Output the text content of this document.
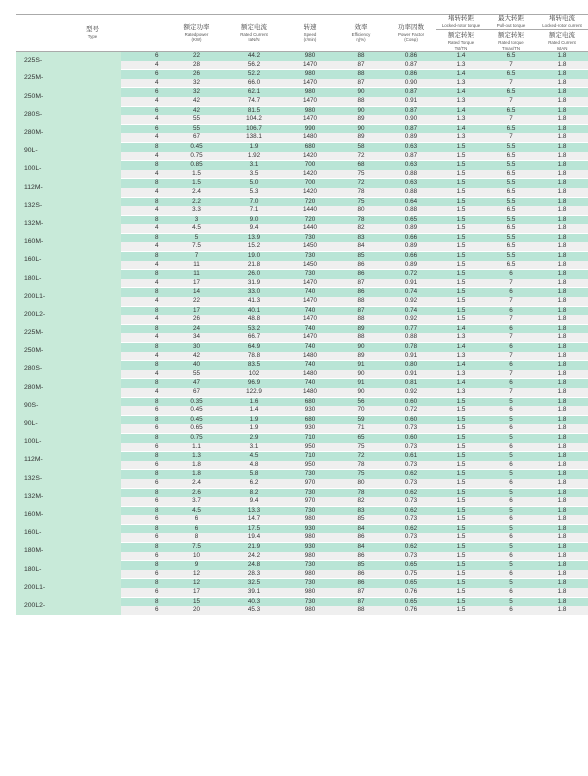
型号
Type		额定功率
Ratedpower
(KW)	额定电流
Rated Current
IaN/N	转速
Speed
(r/min)	效率
Efficiency
η(%)	功率因数
Power Factor
(Cosφ)	堵转转距
Locked-rotor torque
额定转矩
Rated Torque
Tst/TN	最大转距
Pull-out torque
额定转矩
Rated torque
Tmax/TN	堵转电流
Locked-rotor current
额定电流
Rated Current
IstAN

225S-	6	22	44.2	980	88	0.86	1.4	6.5	1.8
	4	28	56.2	1470	87	0.87	1.3	7	1.8
225M-	6	26	52.2	980	88	0.86	1.4	6.5	1.8
	4	32	66.0	1470	87	0.90	1.3	7	1.8
250M-	6	32	62.1	980	90	0.87	1.4	6.5	1.8
	4	42	74.7	1470	88	0.91	1.3	7	1.8
280S-	6	42	81.5	980	90	0.87	1.4	6.5	1.8
	4	55	104.2	1470	89	0.90	1.3	7	1.8
280M-	6	55	106.7	990	90	0.87	1.4	6.5	1.8
	4	67	138.1	1480	89	0.89	1.3	7	1.8
90L-	8	0.45	1.9	680	58	0.63	1.5	5.5	1.8
	4	0.75	1.92	1420	72	0.87	1.5	6.5	1.8
100L-	8	0.85	3.1	700	68	0.63	1.5	5.5	1.8
	4	1.5	3.5	1420	75	0.88	1.5	6.5	1.8
112M-	8	1.5	5.0	700	72	0.63	1.5	5.5	1.8
	4	2.4	5.3	1420	78	0.88	1.5	6.5	1.8
132S-	8	2.2	7.0	720	75	0.64	1.5	5.5	1.8
	4	3.3	7.1	1440	80	0.88	1.5	6.5	1.8
132M-	8	3	9.0	720	78	0.65	1.5	5.5	1.8
	4	4.5	9.4	1440	82	0.89	1.5	6.5	1.8
160M-	8	5	13.9	730	83	0.66	1.5	5.5	1.8
	4	7.5	15.2	1450	84	0.89	1.5	6.5	1.8
160L-	8	7	19.0	730	85	0.66	1.5	5.5	1.8
	4	11	21.8	1450	86	0.89	1.5	6.5	1.8
180L-	8	11	26.0	730	86	0.72	1.5	6	1.8
	4	17	31.9	1470	87	0.91	1.5	7	1.8
200L1-	8	14	33.0	740	86	0.74	1.5	6	1.8
	4	22	41.3	1470	88	0.92	1.5	7	1.8
200L2-	8	17	40.1	740	87	0.74	1.5	6	1.8
	4	26	48.8	1470	88	0.92	1.5	7	1.8
225M-	8	24	53.2	740	89	0.77	1.4	6	1.8
	4	34	66.7	1470	88	0.88	1.3	7	1.8
250M-	8	30	64.9	740	90	0.78	1.4	6	1.8
	4	42	78.8	1480	89	0.91	1.3	7	1.8
280S-	8	40	83.5	740	91	0.80	1.4	6	1.8
	4	55	102	1480	90	0.91	1.3	7	1.8
280M-	8	47	96.9	740	91	0.81	1.4	6	1.8
	4	67	122.9	1480	90	0.92	1.3	7	1.8
90S-	8	0.35	1.6	680	56	0.60	1.5	5	1.8
	6	0.45	1.4	930	70	0.72	1.5	6	1.8
90L-	8	0.45	1.9	680	59	0.60	1.5	5	1.8
	6	0.65	1.9	930	71	0.73	1.5	6	1.8
100L-	8	0.75	2.9	710	65	0.60	1.5	5	1.8
	6	1.1	3.1	950	75	0.73	1.5	6	1.8
112M-	8	1.3	4.5	710	72	0.61	1.5	5	1.8
	6	1.8	4.8	950	78	0.73	1.5	6	1.8
132S-	8	1.8	5.8	730	75	0.62	1.5	5	1.8
	6	2.4	6.2	970	80	0.73	1.5	6	1.8
132M-	8	2.6	8.2	730	78	0.62	1.5	5	1.8
	6	3.7	9.4	970	82	0.73	1.5	6	1.8
160M-	8	4.5	13.3	730	83	0.62	1.5	5	1.8
	6	6	14.7	980	85	0.73	1.5	6	1.8
160L-	8	6	17.5	930	84	0.62	1.5	5	1.8
	6	8	19.4	980	86	0.73	1.5	6	1.8
180M-	8	7.5	21.9	930	84	0.62	1.5	5	1.8
	6	10	24.2	980	86	0.73	1.5	6	1.8
180L-	8	9	24.8	730	85	0.65	1.5	5	1.8
	6	12	28.3	980	86	0.75	1.5	6	1.8
200L1-	8	12	32.5	730	86	0.65	1.5	5	1.8
	6	17	39.1	980	87	0.76	1.5	6	1.8
200L2-	8	15	40.3	730	87	0.65	1.5	5	1.8
	6	20	45.3	980	88	0.76	1.5	6	1.8
